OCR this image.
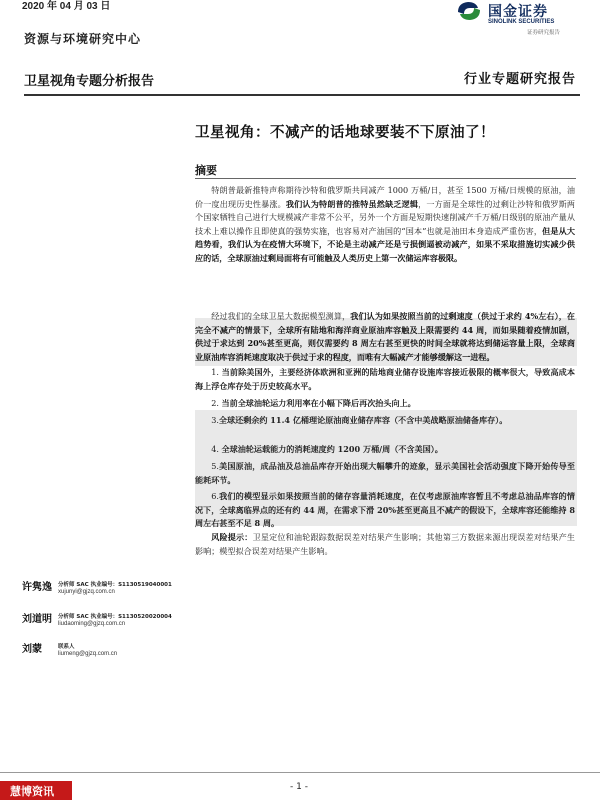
2020 年 04 月 03 日	国金证券
SINOLINK SECURITIES
证券研究报告
资源与环境研究中心
卫星视角专题分析报告	行业专题研究报告
卫星视角：不减产的话地球要装不下原油了！
摘要
特朗普最新推特声称期待沙特和俄罗斯共同减产 1000 万桶/日，甚至 1500 万桶/日规模的原油，油价一度出现历史性暴涨。我们认为特朗普的推特虽然缺乏逻辑，一方面是全球性的过剩让沙特和俄罗斯两个国家牺牲自己进行大规模减产非常不公平，另外一个方面是短期快速削减产千万桶/日级别的原油产量从技术上难以操作且即使真的强势实施，也容易对产油国的“国本”也就是油田本身造成严重伤害，但是从大趋势看，我们认为在疫情大环境下，不论是主动减产还是亏损倒逼被动减产，如果不采取措施切实减少供应的话，全球原油过剩局面将有可能触及人类历史上第一次储运库容极限。
经过我们的全球卫星大数据模型测算，我们认为如果按照当前的过剩速度（供过于求约 4%左右），在完全不减产的情景下，全球所有陆地和海洋商业原油库容触及上限需要约 44 周，而如果随着疫情加剧，供过于求达到 20%甚至更高，则仅需要约 8 周左右甚至更快的时间全球就将达到储运容量上限，全球商业原油库容消耗速度取决于供过于求的程度，而唯有大幅减产才能够缓解这一进程。
1. 当前除美国外，主要经济体欧洲和亚洲的陆地商业储存设施库容接近极限的概率很大，导致高成本海上浮仓库存处于历史较高水平。
2. 当前全球油轮运力利用率在小幅下降后再次抬头向上。
3.全球还剩余约 11.4 亿桶理论原油商业储存库容（不含中美战略原油储备库存）。
4. 全球油轮运载能力的消耗速度约 1200 万桶/周（不含美国）。
5.美国原油，成品油及总油品库存开始出现大幅攀升的迹象，显示美国社会活动强度下降开始传导至能耗环节。
6.我们的模型显示如果按照当前的储存容量消耗速度，在仅考虑原油库容暂且不考虑总油品库容的情况下，全球离临界点的还有约 44 周，在需求下滑 20%甚至更高且不减产的假设下，全球库容还能维持 8 周左右甚至不足 8 周。
风险提示：卫星定位和油轮跟踪数据误差对结果产生影响；其他第三方数据来源出现误差对结果产生影响；模型拟合误差对结果产生影响。
许隽逸 分析师 SAC 执业编号：S1130519040001
xujunyi@gjzq.com.cn
刘道明 分析师 SAC 执业编号：S1130520020004
liudaoming@gjzq.com.cn
刘蒙	联系人
liumeng@gjzq.com.cn
慧博资讯	- 1 -
